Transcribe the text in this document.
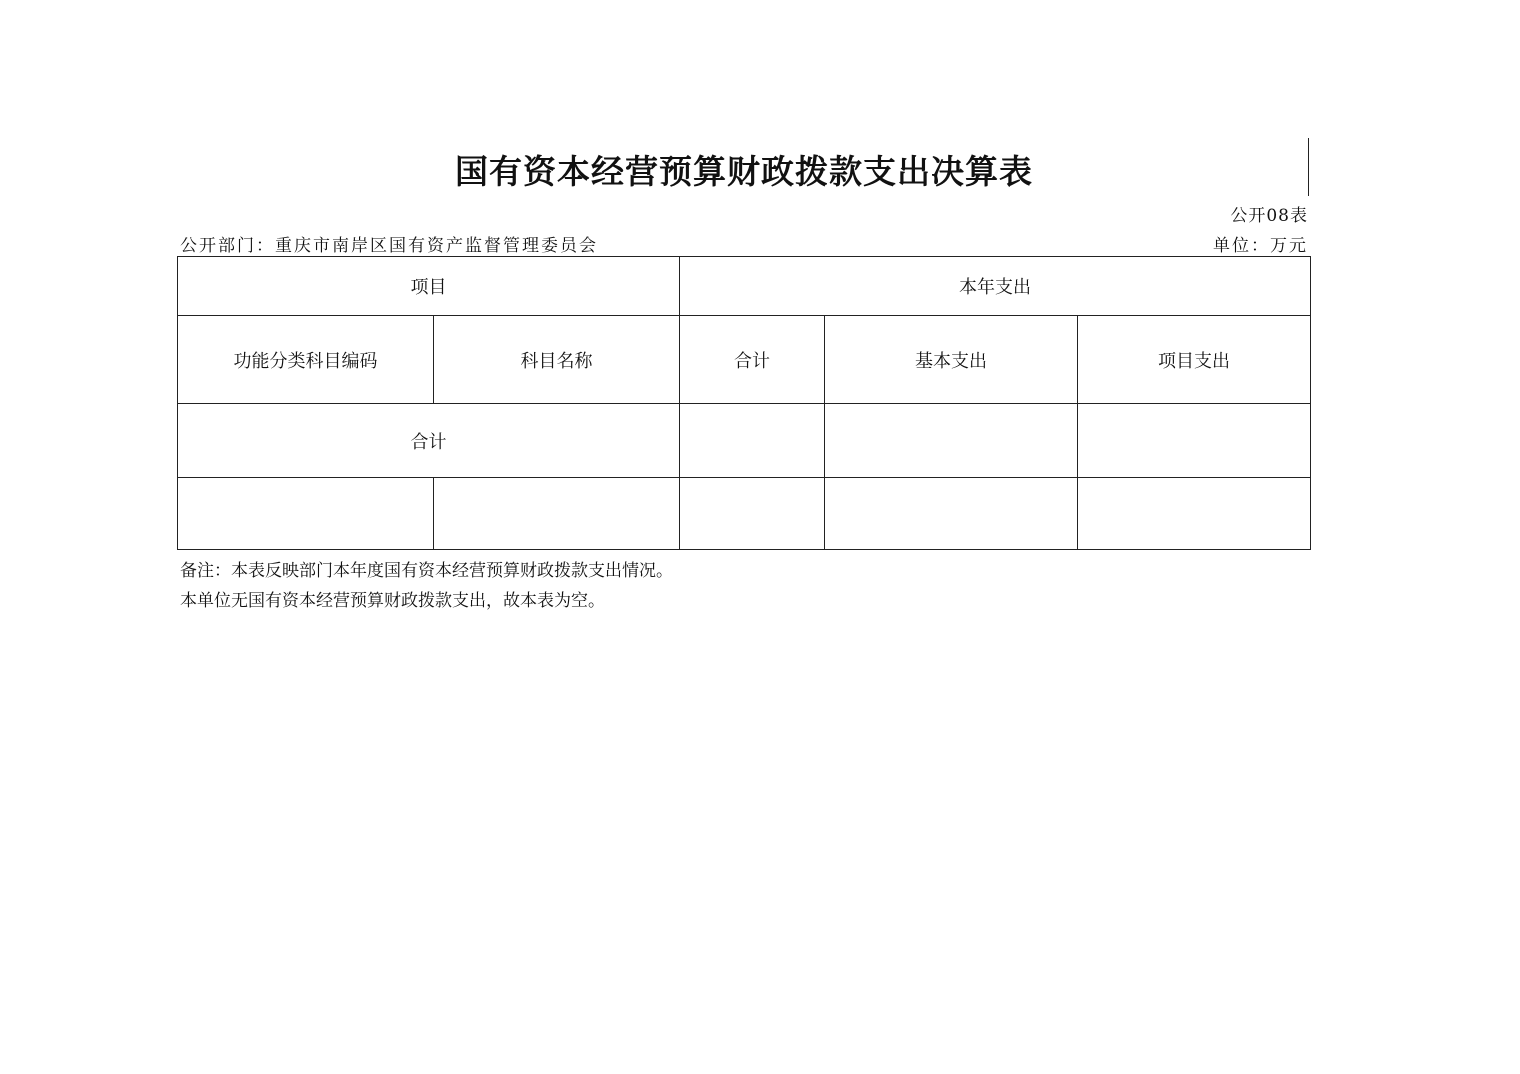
国有资本经营预算财政拨款支出决算表
公开08表
公开部门：重庆市南岸区国有资产监督管理委员会	单位：万元
项目		本年支出		
功能分类科目编码	科目名称	合计	基本支出	项目支出
合计				

备注：本表反映部门本年度国有资本经营预算财政拨款支出情况。
本单位无国有资本经营预算财政拨款支出，故本表为空。
